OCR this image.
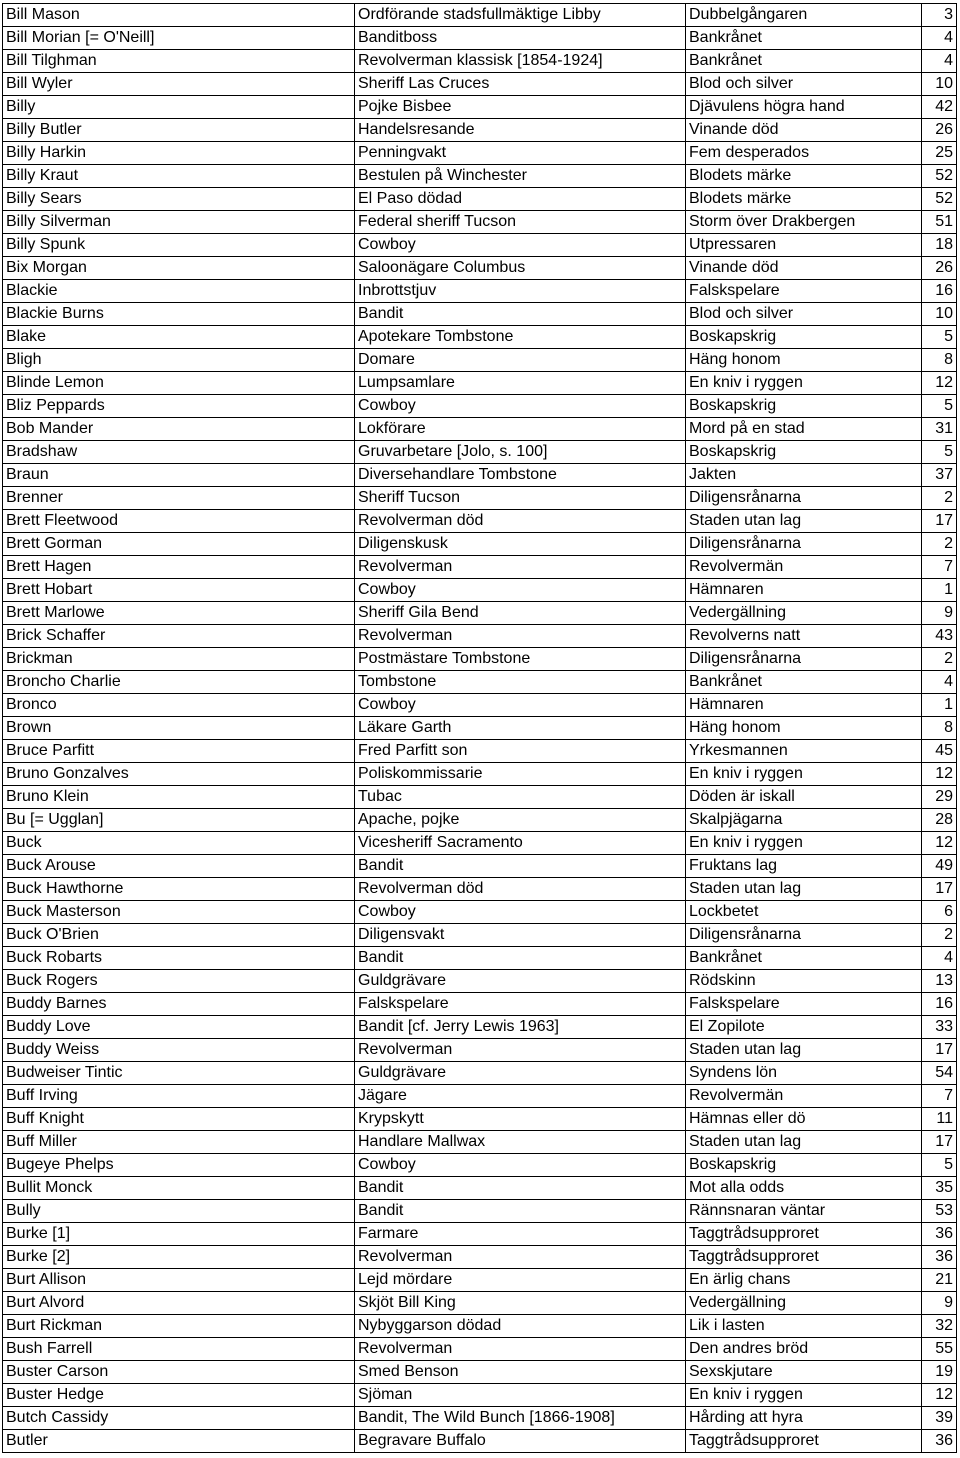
Bill Mason	Ordförande stadsfullmäktige Libby	Dubbelgångaren	3
Bill Morian [= O'Neill]	Banditboss	Bankrånet	4
Bill Tilghman	Revolverman klassisk [1854-1924]	Bankrånet	4
Bill Wyler	Sheriff Las Cruces	Blod och silver	10
Billy	Pojke Bisbee	Djävulens högra hand	42
Billy Butler	Handelsresande	Vinande död	26
Billy Harkin	Penningvakt	Fem desperados	25
Billy Kraut	Bestulen på Winchester	Blodets märke	52
Billy Sears	El Paso dödad	Blodets märke	52
Billy Silverman	Federal sheriff Tucson	Storm över Drakbergen	51
Billy Spunk	Cowboy	Utpressaren	18
Bix Morgan	Saloonägare Columbus	Vinande död	26
Blackie	Inbrottstjuv	Falskspelare	16
Blackie Burns	Bandit	Blod och silver	10
Blake	Apotekare Tombstone	Boskapskrig	5
Bligh	Domare	Häng honom	8
Blinde Lemon	Lumpsamlare	En kniv i ryggen	12
Bliz Peppards	Cowboy	Boskapskrig	5
Bob Mander	Lokförare	Mord på en stad	31
Bradshaw	Gruvarbetare [Jolo, s. 100]	Boskapskrig	5
Braun	Diversehandlare Tombstone	Jakten	37
Brenner	Sheriff Tucson	Diligensrånarna	2
Brett Fleetwood	Revolverman död	Staden utan lag	17
Brett Gorman	Diligenskusk	Diligensrånarna	2
Brett Hagen	Revolverman	Revolvermän	7
Brett Hobart	Cowboy	Hämnaren	1
Brett Marlowe	Sheriff Gila Bend	Vedergällning	9
Brick Schaffer	Revolverman	Revolverns natt	43
Brickman	Postmästare Tombstone	Diligensrånarna	2
Broncho Charlie	Tombstone	Bankrånet	4
Bronco	Cowboy	Hämnaren	1
Brown	Läkare Garth	Häng honom	8
Bruce Parfitt	Fred Parfitt son	Yrkesmannen	45
Bruno Gonzalves	Poliskommissarie	En kniv i ryggen	12
Bruno Klein	Tubac	Döden är iskall	29
Bu [= Ugglan]	Apache, pojke	Skalpjägarna	28
Buck	Vicesheriff Sacramento	En kniv i ryggen	12
Buck Arouse	Bandit	Fruktans lag	49
Buck Hawthorne	Revolverman död	Staden utan lag	17
Buck Masterson	Cowboy	Lockbetet	6
Buck O'Brien	Diligensvakt	Diligensrånarna	2
Buck Robarts	Bandit	Bankrånet	4
Buck Rogers	Guldgrävare	Rödskinn	13
Buddy Barnes	Falskspelare	Falskspelare	16
Buddy Love	Bandit [cf. Jerry Lewis 1963]	El Zopilote	33
Buddy Weiss	Revolverman	Staden utan lag	17
Budweiser Tintic	Guldgrävare	Syndens lön	54
Buff Irving	Jägare	Revolvermän	7
Buff Knight	Krypskytt	Hämnas eller dö	11
Buff Miller	Handlare Mallwax	Staden utan lag	17
Bugeye Phelps	Cowboy	Boskapskrig	5
Bullit Monck	Bandit	Mot alla odds	35
Bully	Bandit	Rännsnaran väntar	53
Burke [1]	Farmare	Taggtrådsupproret	36
Burke [2]	Revolverman	Taggtrådsupproret	36
Burt Allison	Lejd mördare	En ärlig chans	21
Burt Alvord	Skjöt Bill King	Vedergällning	9
Burt Rickman	Nybyggarson dödad	Lik i lasten	32
Bush Farrell	Revolverman	Den andres bröd	55
Buster Carson	Smed Benson	Sexskjutare	19
Buster Hedge	Sjöman	En kniv i ryggen	12
Butch Cassidy	Bandit, The Wild Bunch [1866-1908]	Hårding att hyra	39
Butler	Begravare Buffalo	Taggtrådsupproret	36
